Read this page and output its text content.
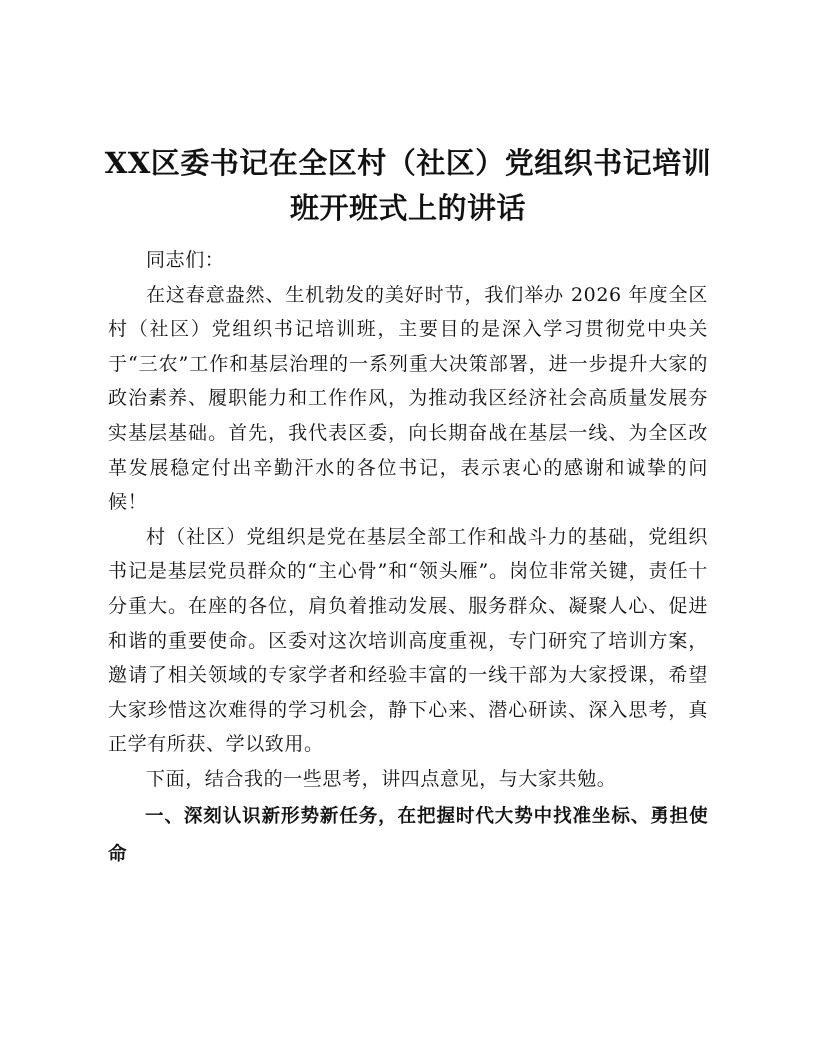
XX区委书记在全区村（社区）党组织书记培训
班开班式上的讲话

同志们：

在这春意盎然、生机勃发的美好时节，我们举办 2026 年度全区村（社区）党组织书记培训班，主要目的是深入学习贯彻党中央关于“三农”工作和基层治理的一系列重大决策部署，进一步提升大家的政治素养、履职能力和工作作风，为推动我区经济社会高质量发展夯实基层基础。首先，我代表区委，向长期奋战在基层一线、为全区改革发展稳定付出辛勤汗水的各位书记，表示衷心的感谢和诚挚的问候！

村（社区）党组织是党在基层全部工作和战斗力的基础，党组织书记是基层党员群众的“主心骨”和“领头雁”。岗位非常关键，责任十分重大。在座的各位，肩负着推动发展、服务群众、凝聚人心、促进和谐的重要使命。区委对这次培训高度重视，专门研究了培训方案，邀请了相关领域的专家学者和经验丰富的一线干部为大家授课，希望大家珍惜这次难得的学习机会，静下心来、潜心研读、深入思考，真正学有所获、学以致用。

下面，结合我的一些思考，讲四点意见，与大家共勉。

一、深刻认识新形势新任务，在把握时代大势中找准坐标、勇担使命
